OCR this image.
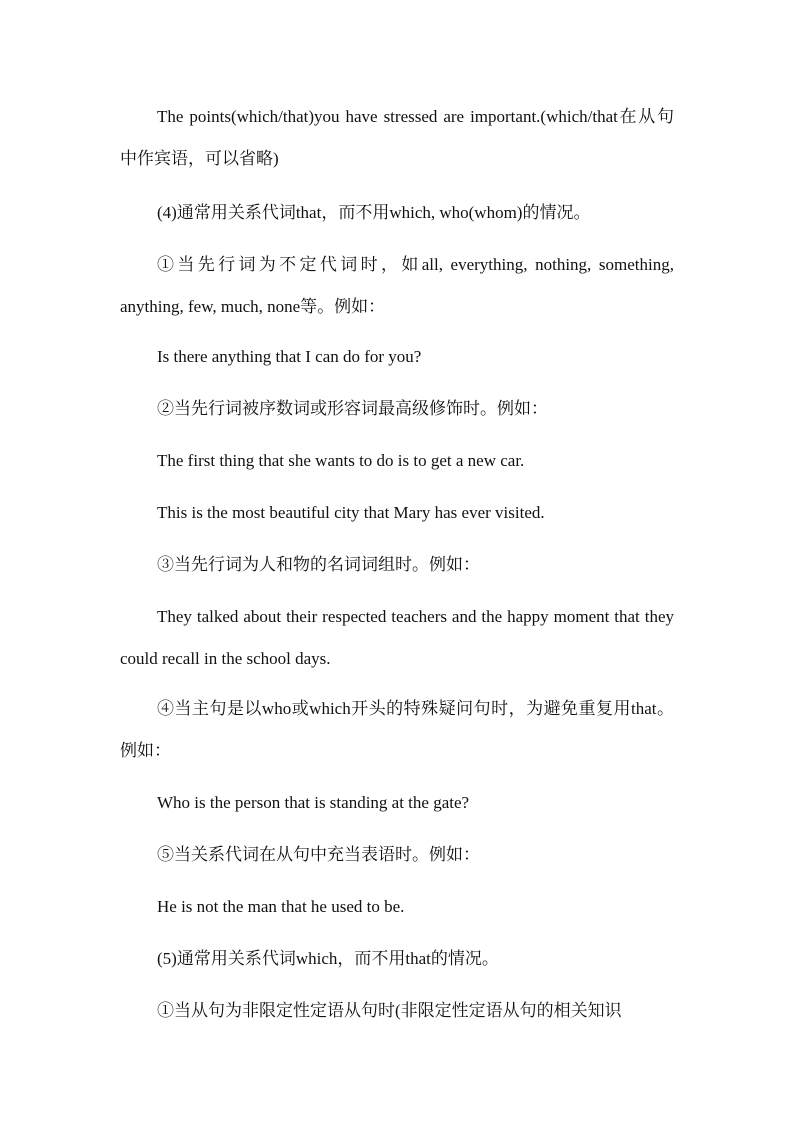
The points(which/that)you have stressed are important.(which/that在从句中作宾语，可以省略)

(4)通常用关系代词that，而不用which, who(whom)的情况。

①当先行词为不定代词时，如all, everything, nothing, something, anything, few, much, none等。例如：

Is there anything that I can do for you?

②当先行词被序数词或形容词最高级修饰时。例如：

The first thing that she wants to do is to get a new car.

This is the most beautiful city that Mary has ever visited.

③当先行词为人和物的名词词组时。例如：

They talked about their respected teachers and the happy moment that they could recall in the school days.

④当主句是以who或which开头的特殊疑问句时，为避免重复用that。例如：

Who is the person that is standing at the gate?

⑤当关系代词在从句中充当表语时。例如：

He is not the man that he used to be.

(5)通常用关系代词which，而不用that的情况。

①当从句为非限定性定语从句时(非限定性定语从句的相关知识
